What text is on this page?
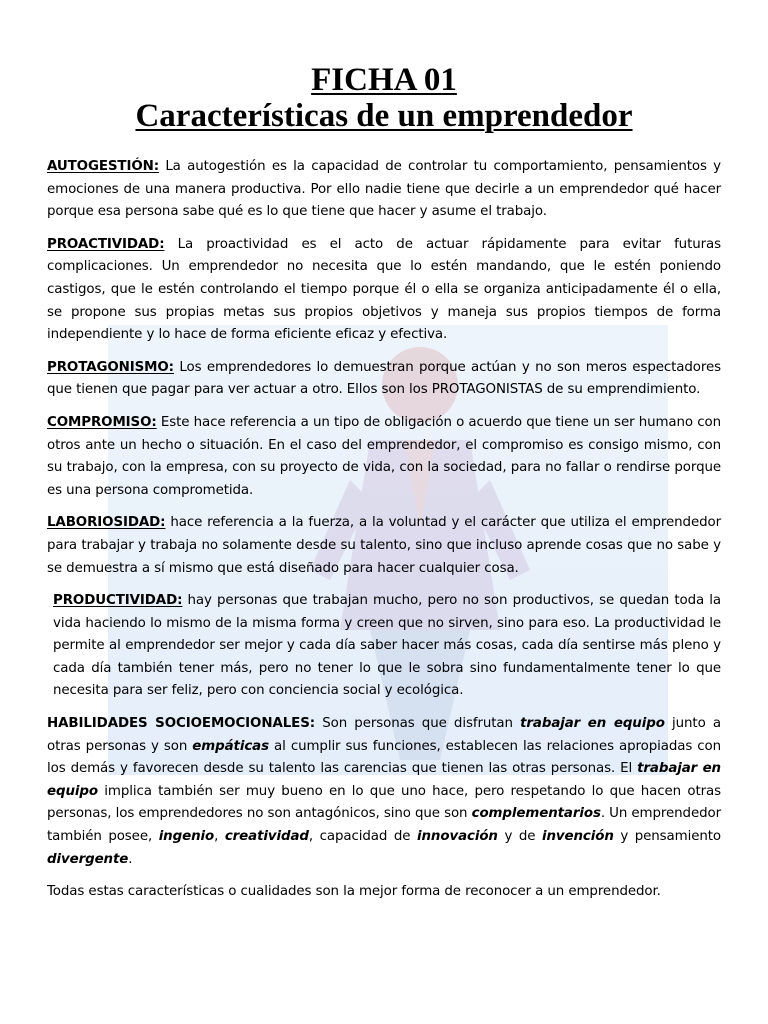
FICHA 01
Características de un emprendedor

AUTOGESTIÓN: La autogestión es la capacidad de controlar tu comportamiento, pensamientos y emociones de una manera productiva. Por ello nadie tiene que decirle a un emprendedor qué hacer porque esa persona sabe qué es lo que tiene que hacer y asume el trabajo.

PROACTIVIDAD: La proactividad es el acto de actuar rápidamente para evitar futuras complicaciones. Un emprendedor no necesita que lo estén mandando, que le estén poniendo castigos, que le estén controlando el tiempo porque él o ella se organiza anticipadamente él o ella, se propone sus propias metas sus propios objetivos y maneja sus propios tiempos de forma independiente y lo hace de forma eficiente eficaz y efectiva.

PROTAGONISMO: Los emprendedores lo demuestran porque actúan y no son meros espectadores que tienen que pagar para ver actuar a otro. Ellos son los PROTAGONISTAS de su emprendimiento.

COMPROMISO: Este hace referencia a un tipo de obligación o acuerdo que tiene un ser humano con otros ante un hecho o situación. En el caso del emprendedor, el compromiso es consigo mismo, con su trabajo, con la empresa, con su proyecto de vida, con la sociedad, para no fallar o rendirse porque es una persona comprometida.

LABORIOSIDAD: hace referencia a la fuerza, a la voluntad y el carácter que utiliza el emprendedor para trabajar y trabaja no solamente desde su talento, sino que incluso aprende cosas que no sabe y se demuestra a sí mismo que está diseñado para hacer cualquier cosa.

PRODUCTIVIDAD: hay personas que trabajan mucho, pero no son productivos, se quedan toda la vida haciendo lo mismo de la misma forma y creen que no sirven, sino para eso. La productividad le permite al emprendedor ser mejor y cada día saber hacer más cosas, cada día sentirse más pleno y cada día también tener más, pero no tener lo que le sobra sino fundamentalmente tener lo que necesita para ser feliz, pero con conciencia social y ecológica.

HABILIDADES SOCIOEMOCIONALES: Son personas que disfrutan trabajar en equipo junto a otras personas y son empáticas al cumplir sus funciones, establecen las relaciones apropiadas con los demás y favorecen desde su talento las carencias que tienen las otras personas. El trabajar en equipo implica también ser muy bueno en lo que uno hace, pero respetando lo que hacen otras personas, los emprendedores no son antagónicos, sino que son complementarios. Un emprendedor también posee, ingenio, creatividad, capacidad de innovación y de invención y pensamiento divergente.

Todas estas características o cualidades son la mejor forma de reconocer a un emprendedor.
